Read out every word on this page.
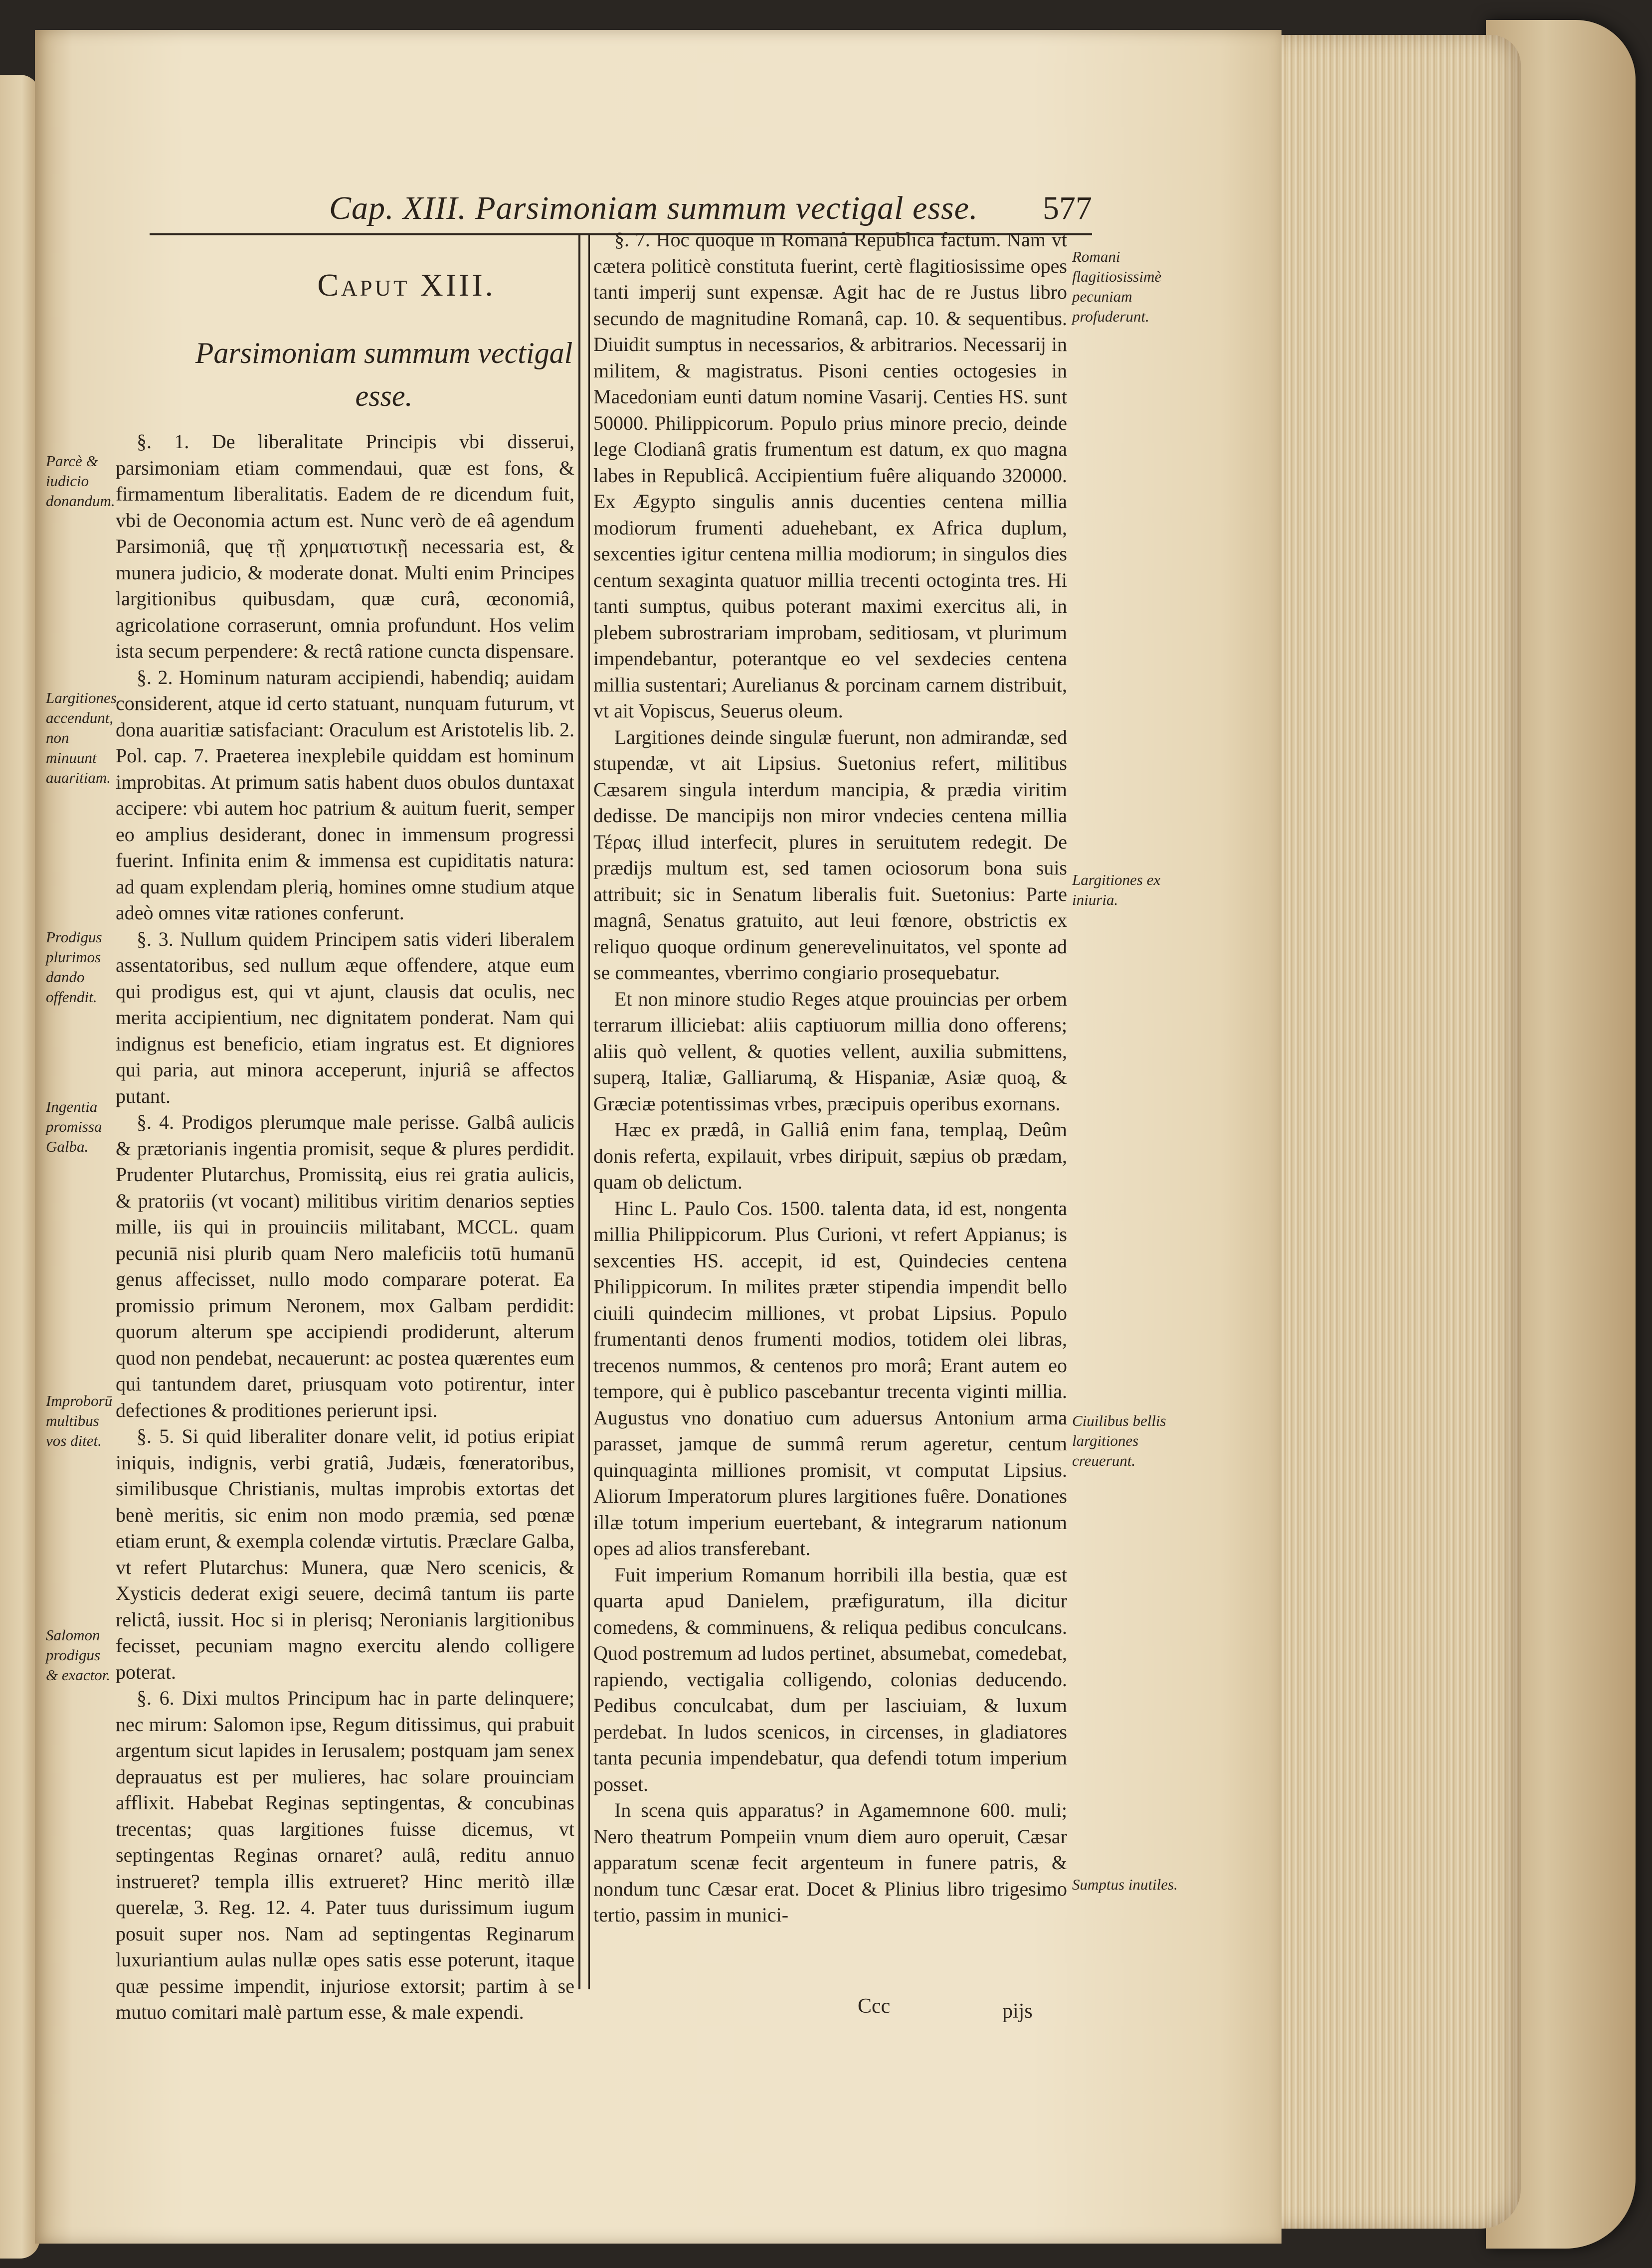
Cap. XIII. Parsimoniam summum vectigal esse. 577
Caput XIII.
Parsimoniam summum vectigal esse.
Parcè & iudicio donandum.
Largitiones accendunt, non minuunt auaritiam.
Prodigus plurimos dando offendit.
Ingentia promissa Galba.
Improborū multibus vos ditet.
Salomon prodigus & exactor.

§. 1. De liberalitate Principis vbi disserui, parsimoniam etiam commendaui, quæ est fons, & firmamentum liberalitatis. Eadem de re dicendum fuit, vbi de Oeconomia actum est. Nunc verò de eâ agendum Parsimoniâ, quę τῇ χρηματιστικῇ necessaria est, & munera judicio, & moderate donat. Multi enim Principes largitionibus quibusdam, quæ curâ, œconomiâ, agricolatione corraserunt, omnia profundunt. Hos velim ista secum perpendere: & rectâ ratione cuncta dispensare.

§. 2. Hominum naturam accipiendi, habendiq; auidam considerent, atque id certo statuant, nunquam futurum, vt dona auaritiæ satisfaciant: Oraculum est Aristotelis lib. 2. Pol. cap. 7. Praeterea inexplebile quiddam est hominum improbitas. At primum satis habent duos obulos duntaxat accipere: vbi autem hoc patrium & auitum fuerit, semper eo amplius desiderant, donec in immensum progressi fuerint. Infinita enim & immensa est cupiditatis natura: ad quam explendam plerią, homines omne studium atque adeò omnes vitæ rationes conferunt.

§. 3. Nullum quidem Principem satis videri liberalem assentatoribus, sed nullum æque offendere, atque eum qui prodigus est, qui vt ajunt, clausis dat oculis, nec merita accipientium, nec dignitatem ponderat. Nam qui indignus est beneficio, etiam ingratus est. Et digniores qui paria, aut minora acceperunt, injuriâ se affectos putant.

§. 4. Prodigos plerumque male perisse. Galbâ aulicis & prætorianis ingentia promisit, seque & plures perdidit. Prudenter Plutarchus, Promissitą, eius rei gratia aulicis, & pratoriis (vt vocant) militibus viritim denarios septies mille, iis qui in prouinciis militabant, MCCL. quam pecuniā nisi plurib quam Nero maleficiis totū humanū genus affecisset, nullo modo comparare poterat. Ea promissio primum Neronem, mox Galbam perdidit: quorum alterum spe accipiendi prodiderunt, alterum quod non pendebat, necauerunt: ac postea quærentes eum qui tantundem daret, priusquam voto potirentur, inter defectiones & proditiones perierunt ipsi.

§. 5. Si quid liberaliter donare velit, id potius eripiat iniquis, indignis, verbi gratiâ, Judæis, fœneratoribus, similibusque Christianis, multas improbis extortas det benè meritis, sic enim non modo præmia, sed pœnæ etiam erunt, & exempla colendæ virtutis. Præclare Galba, vt refert Plutarchus: Munera, quæ Nero scenicis, & Xysticis dederat exigi seuere, decimâ tantum iis parte relictâ, iussit. Hoc si in plerisq; Neronianis largitionibus fecisset, pecuniam magno exercitu alendo colligere poterat.

§. 6. Dixi multos Principum hac in parte delinquere; nec mirum: Salomon ipse, Regum ditissimus, qui prabuit argentum sicut lapides in Ierusalem; postquam jam senex deprauatus est per mulieres, hac solare prouinciam afflixit. Habebat Reginas septingentas, & concubinas trecentas; quas largitiones fuisse dicemus, vt septingentas Reginas ornaret? aulâ, reditu annuo instrueret? templa illis extrueret? Hinc meritò illæ querelæ, 3. Reg. 12. 4. Pater tuus durissimum iugum posuit super nos. Nam ad septingentas Reginarum luxuriantium aulas nullæ opes satis esse poterunt, itaque quæ pessime impendit, injuriose extorsit; partim à se mutuo comitari malè partum esse, & male expendi.

§. 7. Hoc quoque in Romanâ Republica factum. Nam vt cætera politicè constituta fuerint, certè flagitiosissime opes tanti imperij sunt expensæ. Agit hac de re Justus libro secundo de magnitudine Romanâ, cap. 10. & sequentibus. Diuidit sumptus in necessarios, & arbitrarios. Necessarij in militem, & magistratus. Pisoni centies octogesies in Macedoniam eunti datum nomine Vasarij. Centies HS. sunt 50000. Philippicorum. Populo prius minore precio, deinde lege Clodianâ gratis frumentum est datum, ex quo magna labes in Republicâ. Accipientium fuêre aliquando 320000. Ex Ægypto singulis annis ducenties centena millia modiorum frumenti aduehebant, ex Africa duplum, sexcenties igitur centena millia modiorum; in singulos dies centum sexaginta quatuor millia trecenti octoginta tres. Hi tanti sumptus, quibus poterant maximi exercitus ali, in plebem subrostrariam improbam, seditiosam, vt plurimum impendebantur, poterantque eo vel sexdecies centena millia sustentari; Aurelianus & porcinam carnem distribuit, vt ait Vopiscus, Seuerus oleum.

Largitiones deinde singulæ fuerunt, non admirandæ, sed stupendæ, vt ait Lipsius. Suetonius refert, militibus Cæsarem singula interdum mancipia, & prædia viritim dedisse. De mancipijs non miror vndecies centena millia Τέρας illud interfecit, plures in seruitutem redegit. De prædijs multum est, sed tamen ociosorum bona suis attribuit; sic in Senatum liberalis fuit. Suetonius: Parte magnâ, Senatus gratuito, aut leui fœnore, obstrictis ex reliquo quoque ordinum generevelinuitatos, vel sponte ad se commeantes, vberrimo congiario prosequebatur.

Et non minore studio Reges atque prouincias per orbem terrarum illiciebat: aliis captiuorum millia dono offerens; aliis quò vellent, & quoties vellent, auxilia submittens, superą, Italiæ, Galliarumą, & Hispaniæ, Asiæ quoą, & Græciæ potentissimas vrbes, præcipuis operibus exornans.

Hæc ex prædâ, in Galliâ enim fana, templaą, Deûm donis referta, expilauit, vrbes diripuit, sæpius ob prædam, quam ob delictum.

Hinc L. Paulo Cos. 1500. talenta data, id est, nongenta millia Philippicorum. Plus Curioni, vt refert Appianus; is sexcenties HS. accepit, id est, Quindecies centena Philippicorum. In milites præter stipendia impendit bello ciuili quindecim milliones, vt probat Lipsius. Populo frumentanti denos frumenti modios, totidem olei libras, trecenos nummos, & centenos pro morâ; Erant autem eo tempore, qui è publico pascebantur trecenta viginti millia. Augustus vno donatiuo cum aduersus Antonium arma parasset, jamque de summâ rerum ageretur, centum quinquaginta milliones promisit, vt computat Lipsius. Aliorum Imperatorum plures largitiones fuêre. Donationes illæ totum imperium euertebant, & integrarum nationum opes ad alios transferebant.

Fuit imperium Romanum horribili illa bestia, quæ est quarta apud Danielem, præfiguratum, illa dicitur comedens, & comminuens, & reliqua pedibus conculcans. Quod postremum ad ludos pertinet, absumebat, comedebat, rapiendo, vectigalia colligendo, colonias deducendo. Pedibus conculcabat, dum per lasciuiam, & luxum perdebat. In ludos scenicos, in circenses, in gladiatores tanta pecunia impendebatur, qua defendi totum imperium posset.

In scena quis apparatus? in Agamemnone 600. muli; Nero theatrum Pompeiin vnum diem auro operuit, Cæsar apparatum scenæ fecit argenteum in funere patris, & nondum tunc Cæsar erat. Docet & Plinius libro trigesimo tertio, passim in munici-

Romani flagitiosissimè pecuniam profuderunt.
Largitiones ex iniuria.
Ciuilibus bellis largitiones creuerunt.
Sumptus inutiles.
Ccc	pijs
